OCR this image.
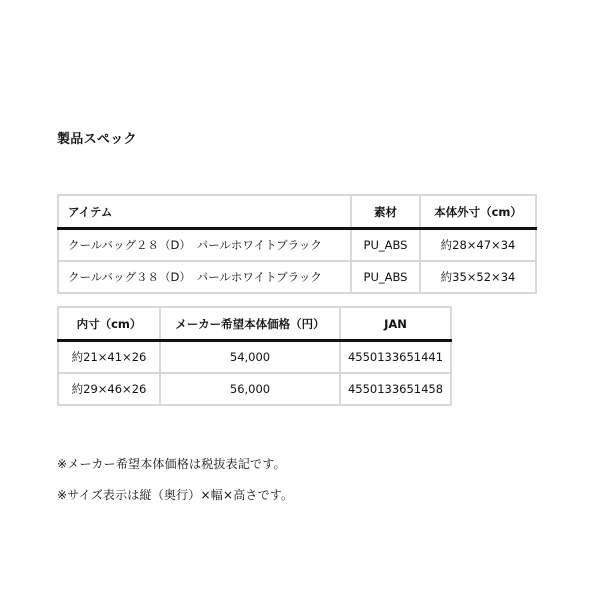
製品スペック
アイテム	素材	本体外寸（cm）
クールバッグ２８（D）　パールホワイトブラック	PU_ABS	約28×47×34
クールバッグ３８（D）　パールホワイトブラック	PU_ABS	約35×52×34
内寸（cm）	メーカー希望本体価格（円）	JAN
約21×41×26	54,000	4550133651441
約29×46×26	56,000	4550133651458
※メーカー希望本体価格は税抜表記です。
※サイズ表示は縦（奥行）×幅×高さです。
